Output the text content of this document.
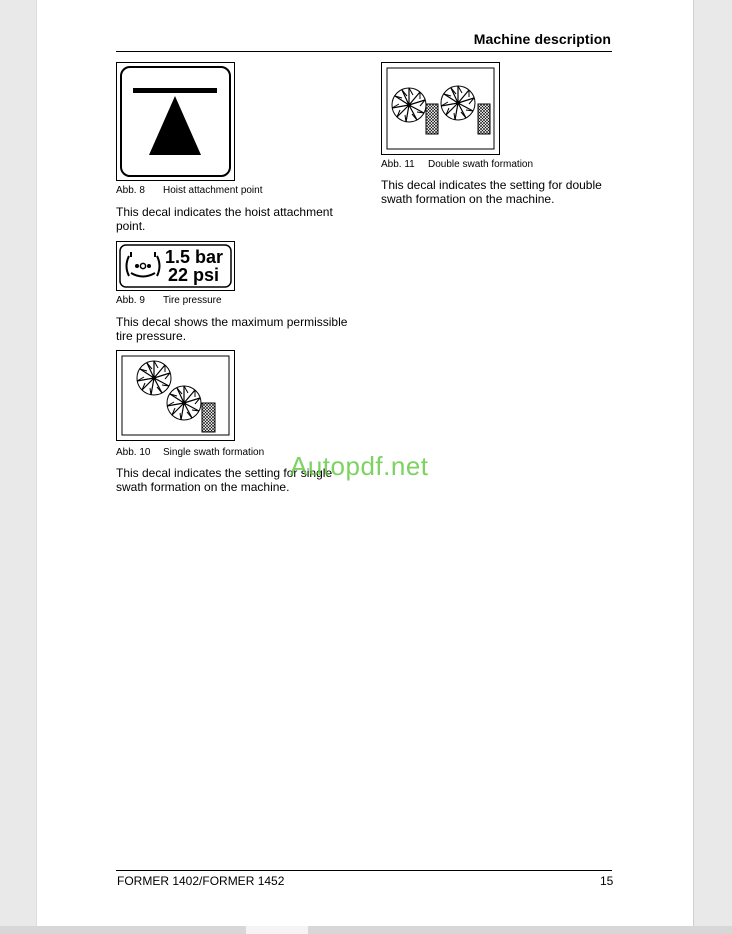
Machine description
Abb. 8 Hoist attachment point
This decal indicates the hoist attachment point.
1.5 bar
22 psi
Abb. 9 Tire pressure
This decal shows the maximum permissible tire pressure.
Abb. 10 Single swath formation
This decal indicates the setting for single swath formation on the machine.
Abb. 11 Double swath formation
This decal indicates the setting for double swath formation on the machine.
Autopdf.net
FORMER 1402/FORMER 1452	15
